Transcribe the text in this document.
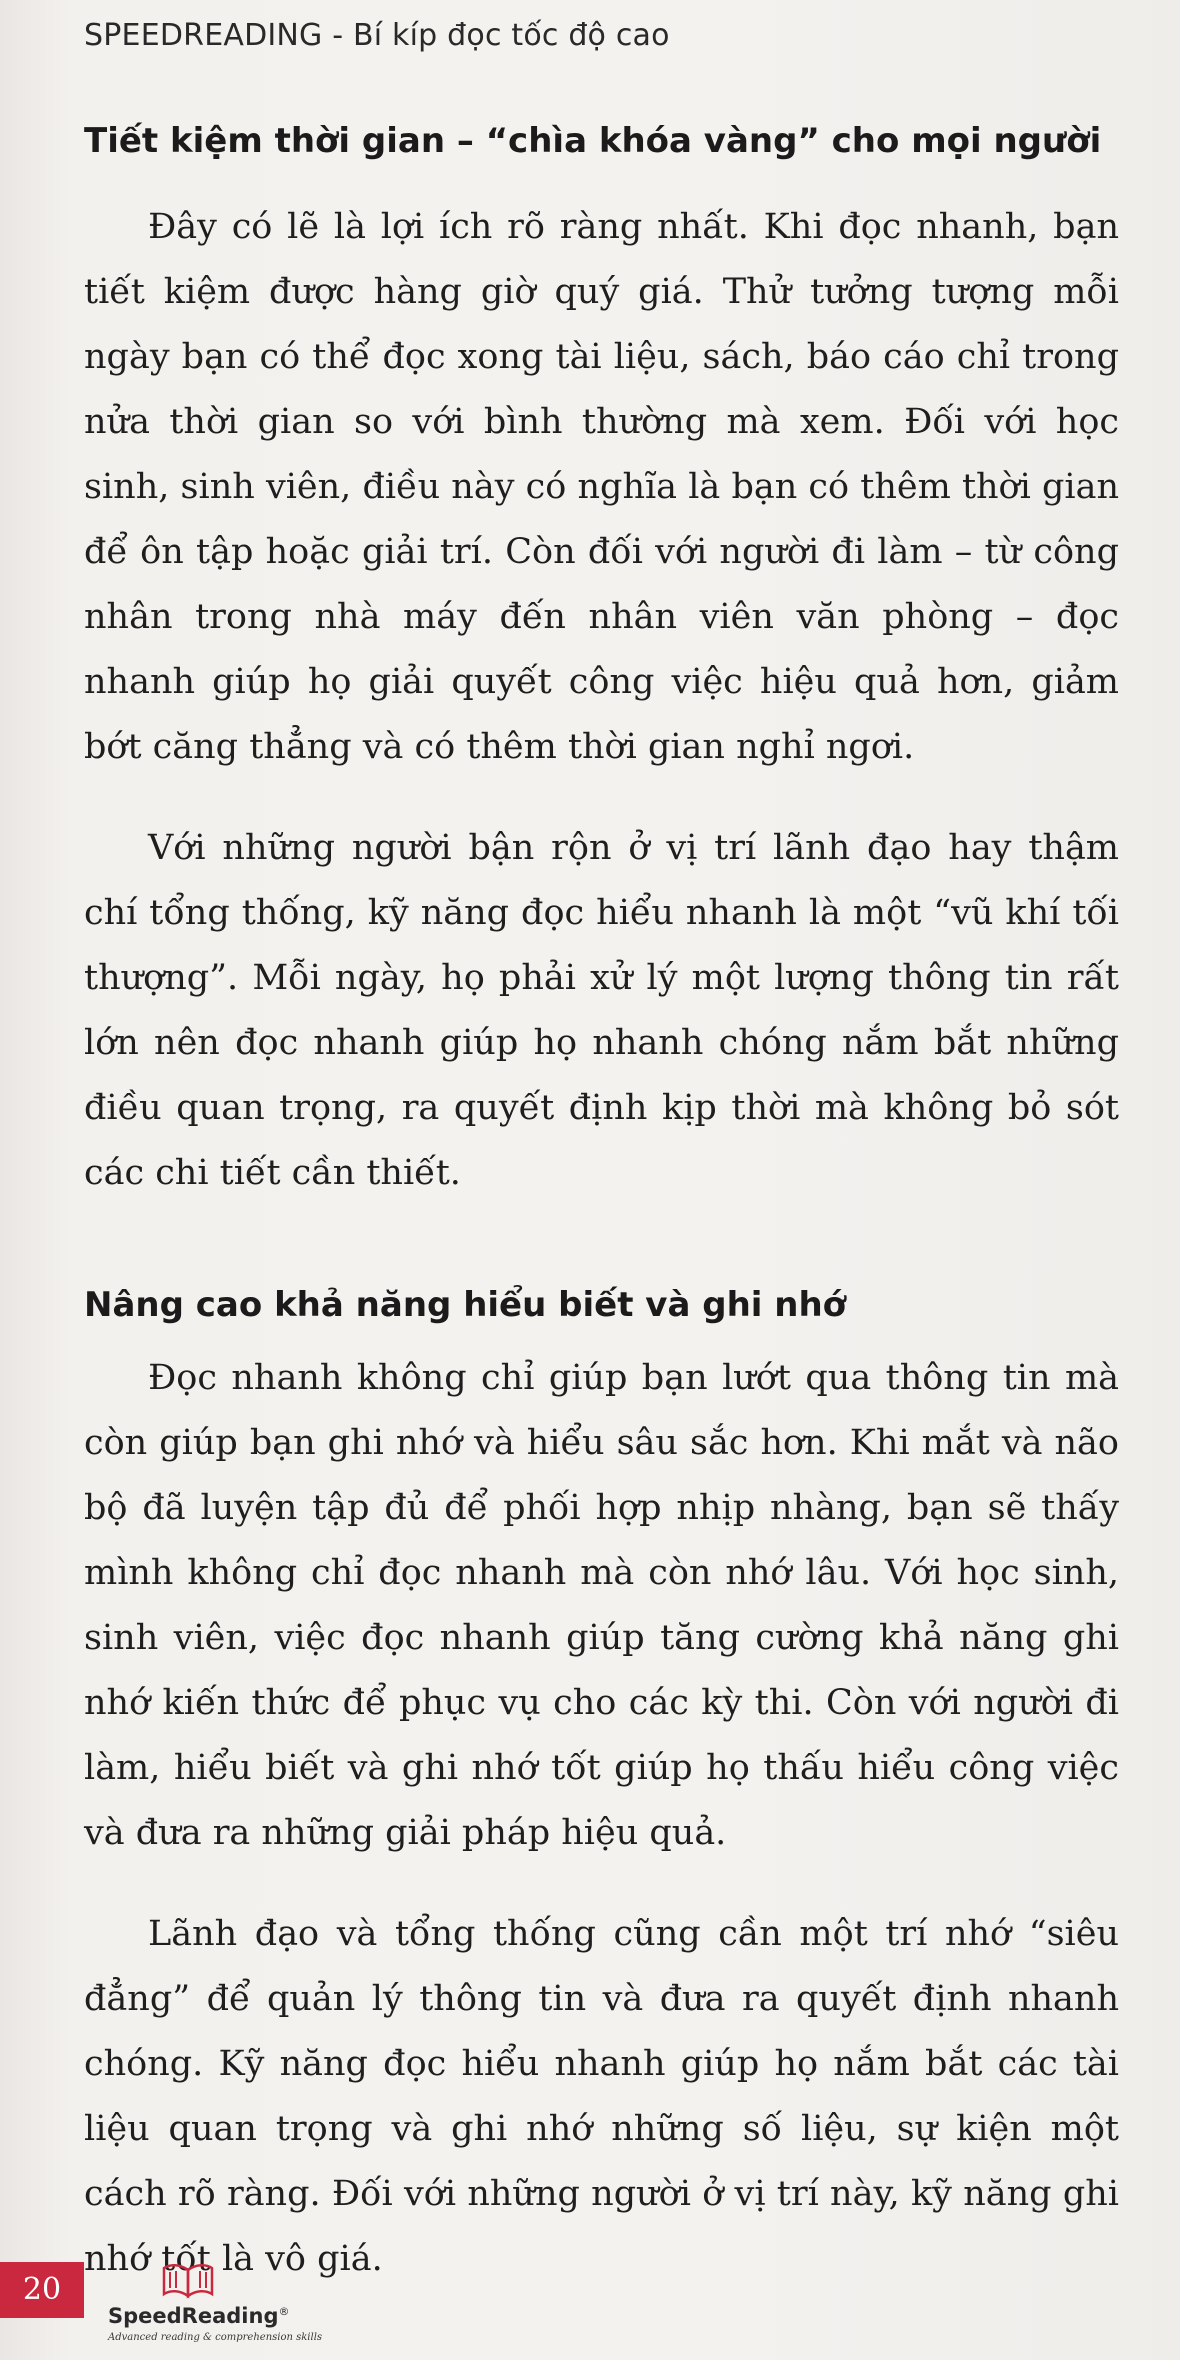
SPEEDREADING - Bí kíp đọc tốc độ cao
Tiết kiệm thời gian – “chìa khóa vàng” cho mọi người

Đây có lẽ là lợi ích rõ ràng nhất. Khi đọc nhanh, bạn tiết kiệm được hàng giờ quý giá. Thử tưởng tượng mỗi ngày bạn có thể đọc xong tài liệu, sách, báo cáo chỉ trong nửa thời gian so với bình thường mà xem. Đối với học sinh, sinh viên, điều này có nghĩa là bạn có thêm thời gian để ôn tập hoặc giải trí. Còn đối với người đi làm – từ công nhân trong nhà máy đến nhân viên văn phòng – đọc nhanh giúp họ giải quyết công việc hiệu quả hơn, giảm bớt căng thẳng và có thêm thời gian nghỉ ngơi.

Với những người bận rộn ở vị trí lãnh đạo hay thậm chí tổng thống, kỹ năng đọc hiểu nhanh là một “vũ khí tối thượng”. Mỗi ngày, họ phải xử lý một lượng thông tin rất lớn nên đọc nhanh giúp họ nhanh chóng nắm bắt những điều quan trọng, ra quyết định kịp thời mà không bỏ sót các chi tiết cần thiết.

Nâng cao khả năng hiểu biết và ghi nhớ

Đọc nhanh không chỉ giúp bạn lướt qua thông tin mà còn giúp bạn ghi nhớ và hiểu sâu sắc hơn. Khi mắt và não bộ đã luyện tập đủ để phối hợp nhịp nhàng, bạn sẽ thấy mình không chỉ đọc nhanh mà còn nhớ lâu. Với học sinh, sinh viên, việc đọc nhanh giúp tăng cường khả năng ghi nhớ kiến thức để phục vụ cho các kỳ thi. Còn với người đi làm, hiểu biết và ghi nhớ tốt giúp họ thấu hiểu công việc và đưa ra những giải pháp hiệu quả.

Lãnh đạo và tổng thống cũng cần một trí nhớ “siêu đẳng” để quản lý thông tin và đưa ra quyết định nhanh chóng. Kỹ năng đọc hiểu nhanh giúp họ nắm bắt các tài liệu quan trọng và ghi nhớ những số liệu, sự kiện một cách rõ ràng. Đối với những người ở vị trí này, kỹ năng ghi nhớ tốt là vô giá.

20
SpeedReading®
Advanced reading & comprehension skills
